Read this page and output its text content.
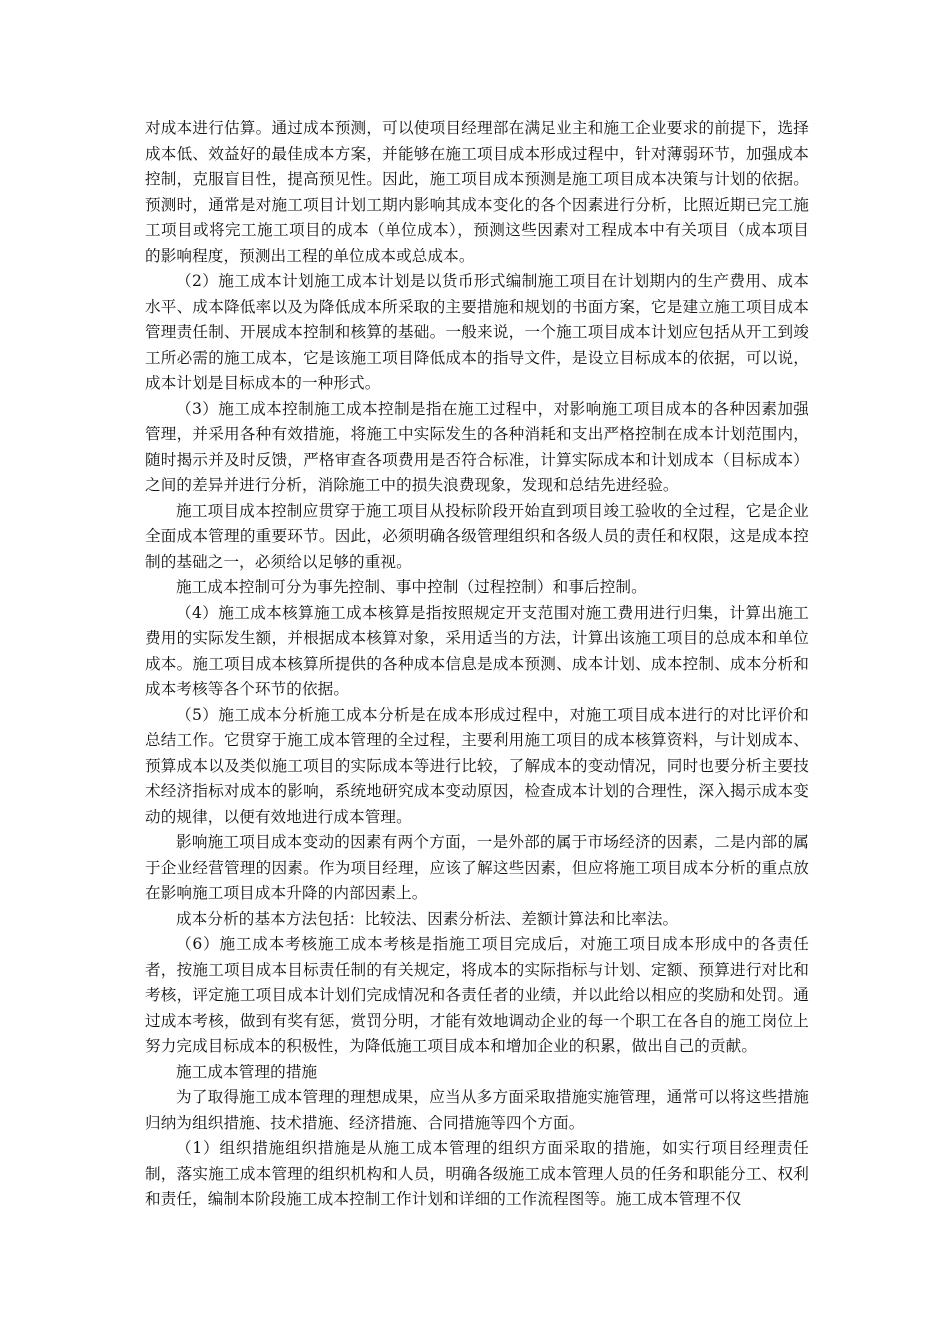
对成本进行估算。通过成本预测，可以使项目经理部在满足业主和施工企业要求的前提下，选择成本低、效益好的最佳成本方案，并能够在施工项目成本形成过程中，针对薄弱环节，加强成本控制，克服盲目性，提高预见性。因此，施工项目成本预测是施工项目成本决策与计划的依据。预测时，通常是对施工项目计划工期内影响其成本变化的各个因素进行分析，比照近期已完工施工项目或将完工施工项目的成本（单位成本），预测这些因素对工程成本中有关项目（成本项目的影响程度，预测出工程的单位成本或总成本。

（2）施工成本计划施工成本计划是以货币形式编制施工项目在计划期内的生产费用、成本水平、成本降低率以及为降低成本所采取的主要措施和规划的书面方案，它是建立施工项目成本管理责任制、开展成本控制和核算的基础。一般来说，一个施工项目成本计划应包括从开工到竣工所必需的施工成本，它是该施工项目降低成本的指导文件，是设立目标成本的依据，可以说，成本计划是目标成本的一种形式。

（3）施工成本控制施工成本控制是指在施工过程中，对影响施工项目成本的各种因素加强管理，并采用各种有效措施，将施工中实际发生的各种消耗和支出严格控制在成本计划范围内，随时揭示并及时反馈，严格审查各项费用是否符合标准，计算实际成本和计划成本（目标成本）之间的差异并进行分析，消除施工中的损失浪费现象，发现和总结先进经验。

施工项目成本控制应贯穿于施工项目从投标阶段开始直到项目竣工验收的全过程，它是企业全面成本管理的重要环节。因此，必须明确各级管理组织和各级人员的责任和权限，这是成本控制的基础之一，必须给以足够的重视。

施工成本控制可分为事先控制、事中控制（过程控制）和事后控制。

（4）施工成本核算施工成本核算是指按照规定开支范围对施工费用进行归集，计算出施工费用的实际发生额，并根据成本核算对象，采用适当的方法，计算出该施工项目的总成本和单位成本。施工项目成本核算所提供的各种成本信息是成本预测、成本计划、成本控制、成本分析和成本考核等各个环节的依据。

（5）施工成本分析施工成本分析是在成本形成过程中，对施工项目成本进行的对比评价和总结工作。它贯穿于施工成本管理的全过程，主要利用施工项目的成本核算资料，与计划成本、预算成本以及类似施工项目的实际成本等进行比较，了解成本的变动情况，同时也要分析主要技术经济指标对成本的影响，系统地研究成本变动原因，检查成本计划的合理性，深入揭示成本变动的规律，以便有效地进行成本管理。

影响施工项目成本变动的因素有两个方面，一是外部的属于市场经济的因素，二是内部的属于企业经营管理的因素。作为项目经理，应该了解这些因素，但应将施工项目成本分析的重点放在影响施工项目成本升降的内部因素上。

成本分析的基本方法包括：比较法、因素分析法、差额计算法和比率法。

（6）施工成本考核施工成本考核是指施工项目完成后，对施工项目成本形成中的各责任者，按施工项目成本目标责任制的有关规定，将成本的实际指标与计划、定额、预算进行对比和考核，评定施工项目成本计划们完成情况和各责任者的业绩，并以此给以相应的奖励和处罚。通过成本考核，做到有奖有惩，赏罚分明，才能有效地调动企业的每一个职工在各自的施工岗位上努力完成目标成本的积极性，为降低施工项目成本和增加企业的积累，做出自己的贡献。

施工成本管理的措施

为了取得施工成本管理的理想成果，应当从多方面采取措施实施管理，通常可以将这些措施归纳为组织措施、技术措施、经济措施、合同措施等四个方面。

（1）组织措施组织措施是从施工成本管理的组织方面采取的措施，如实行项目经理责任制，落实施工成本管理的组织机构和人员，明确各级施工成本管理人员的任务和职能分工、权利和责任，编制本阶段施工成本控制工作计划和详细的工作流程图等。施工成本管理不仅
